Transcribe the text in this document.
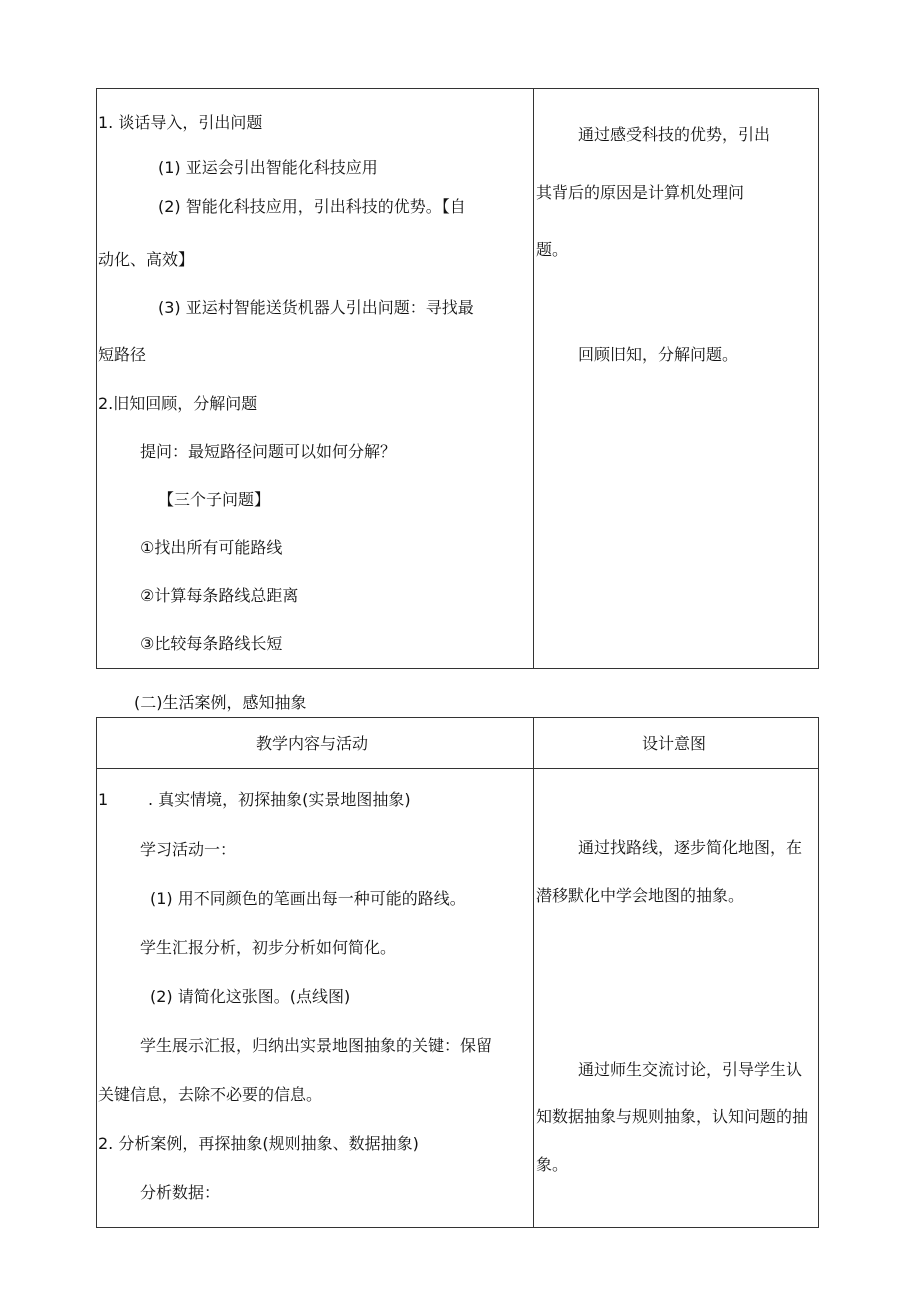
1. 谈话导入，引出问题
(1) 亚运会引出智能化科技应用
(2) 智能化科技应用，引出科技的优势。【自
动化、高效】
(3) 亚运村智能送货机器人引出问题：寻找最
短路径
2.旧知回顾，分解问题
提问：最短路径问题可以如何分解？
【三个子问题】
①找出所有可能路线
②计算每条路线总距离
③比较每条路线长短
通过感受科技的优势，引出
其背后的原因是计算机处理问
题。
回顾旧知，分解问题。
(二)生活案例，感知抽象
教学内容与活动	设计意图
1 . 真实情境，初探抽象(实景地图抽象)
学习活动一：
(1) 用不同颜色的笔画出每一种可能的路线。
学生汇报分析，初步分析如何简化。
(2) 请简化这张图。(点线图)
学生展示汇报，归纳出实景地图抽象的关键：保留
关键信息，去除不必要的信息。
2. 分析案例，再探抽象(规则抽象、数据抽象)
分析数据：
通过找路线，逐步简化地图，在
潜移默化中学会地图的抽象。
通过师生交流讨论，引导学生认
知数据抽象与规则抽象，认知问题的抽
象。
